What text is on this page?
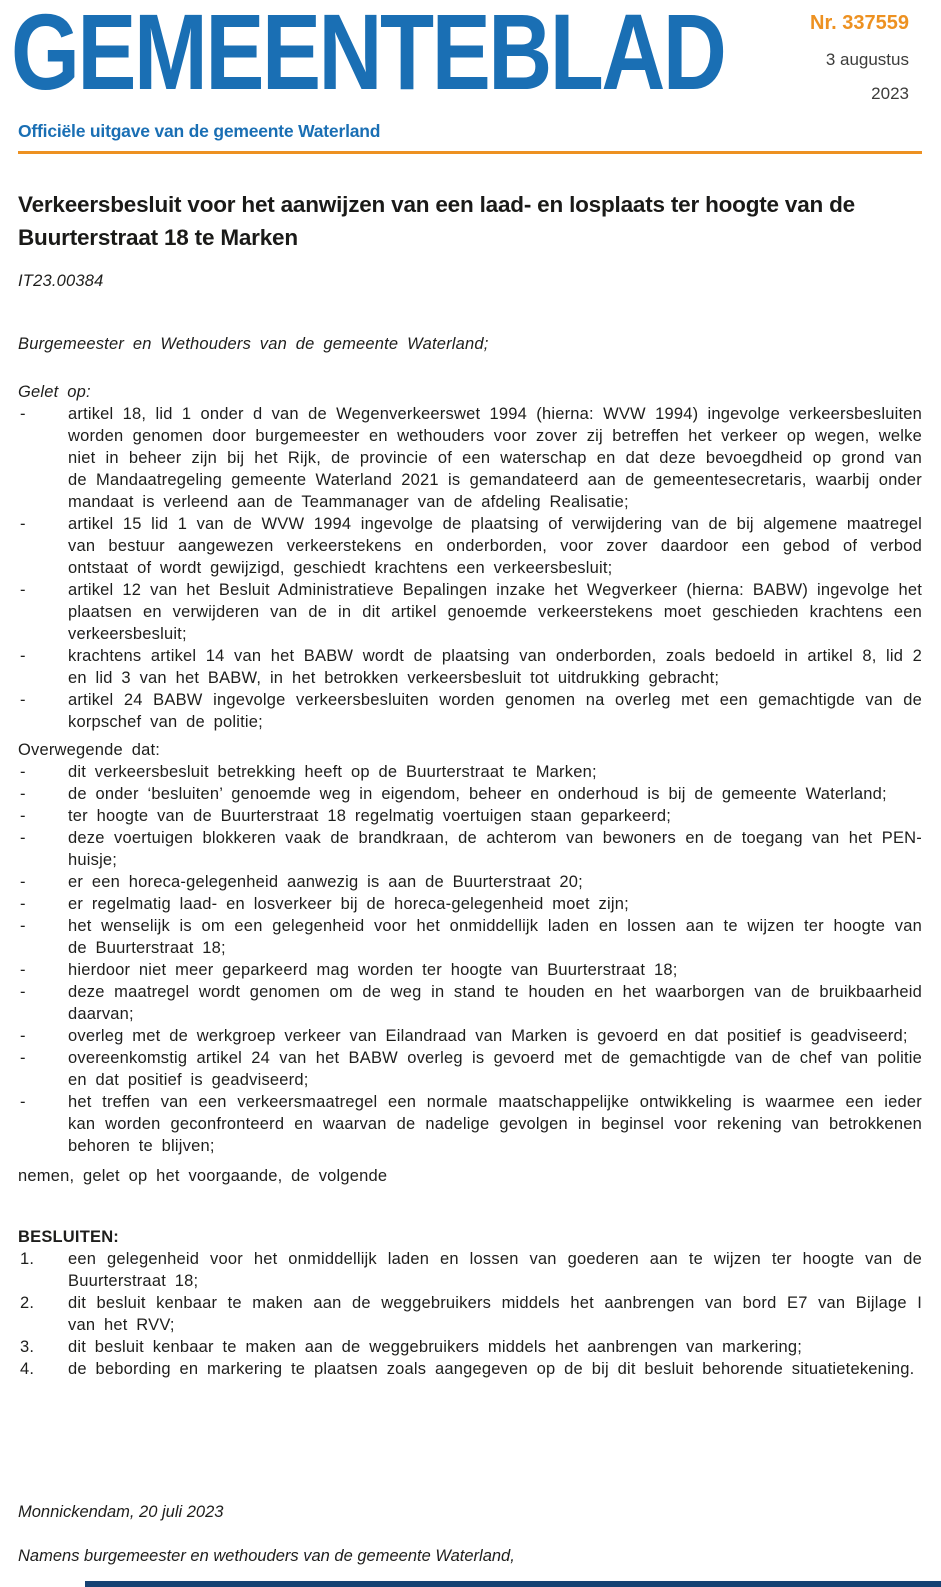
GEMEENTEBLAD
Officiële uitgave van de gemeente Waterland
Nr. 337559
3 augustus
2023
Verkeersbesluit voor het aanwijzen van een laad- en losplaats ter hoogte van de Buurterstraat 18 te Marken
IT23.00384
Burgemeester en Wethouders van de gemeente Waterland;
Gelet op:
-	artikel 18, lid 1 onder d van de Wegenverkeerswet 1994 (hierna: WVW 1994) ingevolge verkeersbesluiten worden genomen door burgemeester en wethouders voor zover zij betreffen het verkeer op wegen, welke niet in beheer zijn bij het Rijk, de provincie of een waterschap en dat deze bevoegdheid op grond van de Mandaatregeling gemeente Waterland 2021 is gemandateerd aan de gemeentesecretaris, waarbij onder mandaat is verleend aan de Teammanager van de afdeling Realisatie;
-	artikel 15 lid 1 van de WVW 1994 ingevolge de plaatsing of verwijdering van de bij algemene maatregel van bestuur aangewezen verkeerstekens en onderborden, voor zover daardoor een gebod of verbod ontstaat of wordt gewijzigd, geschiedt krachtens een verkeersbesluit;
-	artikel 12 van het Besluit Administratieve Bepalingen inzake het Wegverkeer (hierna: BABW) ingevolge het plaatsen en verwijderen van de in dit artikel genoemde verkeerstekens moet geschieden krachtens een verkeersbesluit;
-	krachtens artikel 14 van het BABW wordt de plaatsing van onderborden, zoals bedoeld in artikel 8, lid 2 en lid 3 van het BABW, in het betrokken verkeersbesluit tot uitdrukking gebracht;
-	artikel 24 BABW ingevolge verkeersbesluiten worden genomen na overleg met een gemachtigde van de korpschef van de politie;
Overwegende dat:
-	dit verkeersbesluit betrekking heeft op de Buurterstraat te Marken;
-	de onder ‘besluiten’ genoemde weg in eigendom, beheer en onderhoud is bij de gemeente Waterland;
-	ter hoogte van de Buurterstraat 18 regelmatig voertuigen staan geparkeerd;
-	deze voertuigen blokkeren vaak de brandkraan, de achterom van bewoners en de toegang van het PEN-huisje;
-	er een horeca-gelegenheid aanwezig is aan de Buurterstraat 20;
-	er regelmatig laad- en losverkeer bij de horeca-gelegenheid moet zijn;
-	het wenselijk is om een gelegenheid voor het onmiddellijk laden en lossen aan te wijzen ter hoogte van de Buurterstraat 18;
-	hierdoor niet meer geparkeerd mag worden ter hoogte van Buurterstraat 18;
-	deze maatregel wordt genomen om de weg in stand te houden en het waarborgen van de bruikbaarheid daarvan;
-	overleg met de werkgroep verkeer van Eilandraad van Marken is gevoerd en dat positief is geadviseerd;
-	overeenkomstig artikel 24 van het BABW overleg is gevoerd met de gemachtigde van de chef van politie en dat positief is geadviseerd;
-	het treffen van een verkeersmaatregel een normale maatschappelijke ontwikkeling is waarmee een ieder kan worden geconfronteerd en waarvan de nadelige gevolgen in beginsel voor rekening van betrokkenen behoren te blijven;
nemen, gelet op het voorgaande, de volgende
BESLUITEN:
1.	een gelegenheid voor het onmiddellijk laden en lossen van goederen aan te wijzen ter hoogte van de Buurterstraat 18;
2.	dit besluit kenbaar te maken aan de weggebruikers middels het aanbrengen van bord E7 van Bijlage I van het RVV;
3.	dit besluit kenbaar te maken aan de weggebruikers middels het aanbrengen van markering;
4.	de bebording en markering te plaatsen zoals aangegeven op de bij dit besluit behorende situatietekening.
Monnickendam, 20 juli 2023
Namens burgemeester en wethouders van de gemeente Waterland,
